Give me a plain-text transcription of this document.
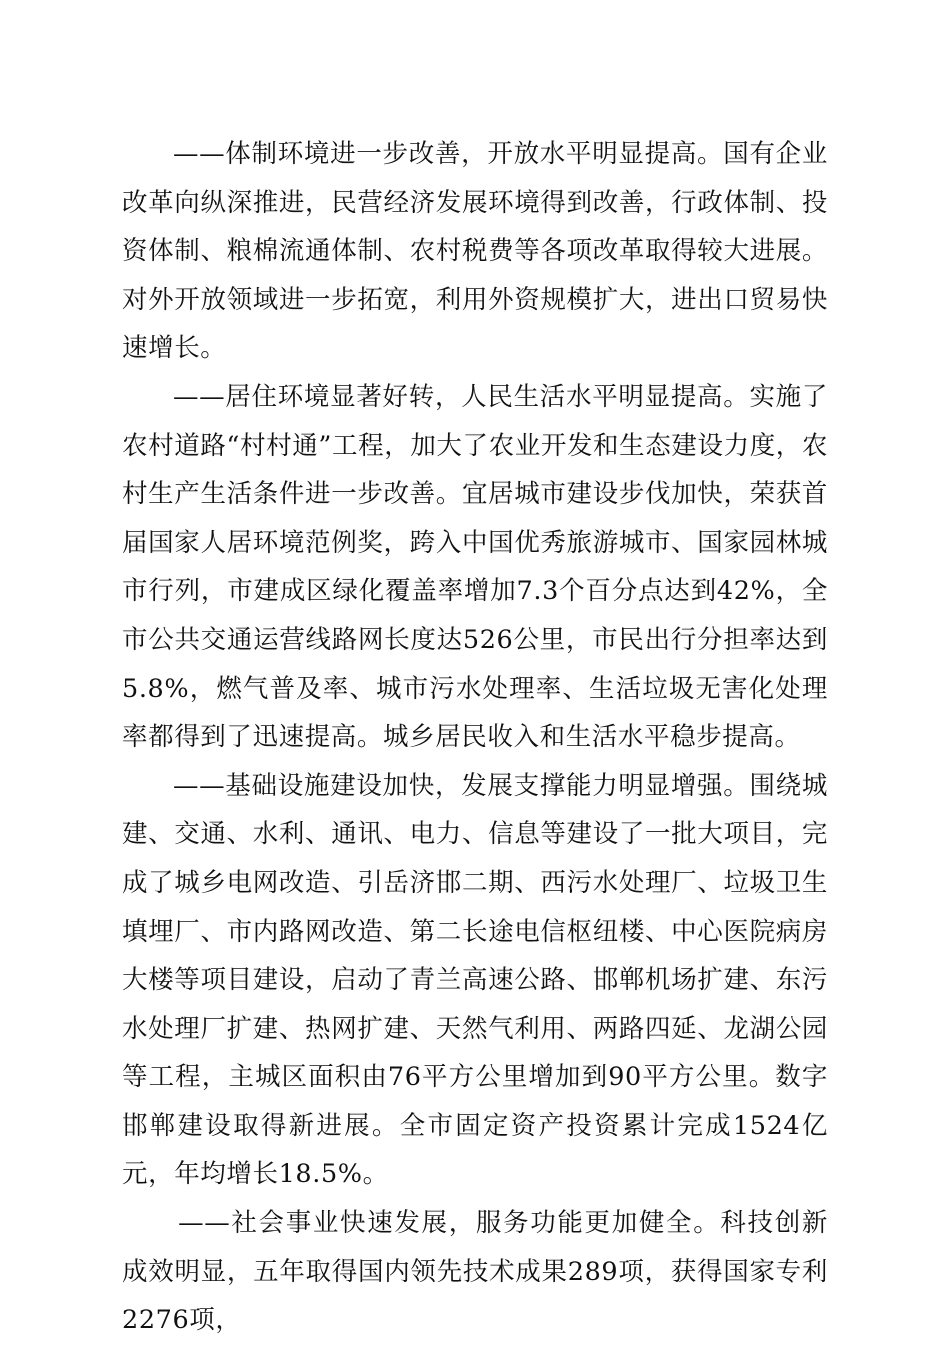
——体制环境进一步改善，开放水平明显提高。国有企业改革向纵深推进，民营经济发展环境得到改善，行政体制、投资体制、粮棉流通体制、农村税费等各项改革取得较大进展。对外开放领域进一步拓宽，利用外资规模扩大，进出口贸易快速增长。

——居住环境显著好转，人民生活水平明显提高。实施了农村道路“村村通”工程，加大了农业开发和生态建设力度，农村生产生活条件进一步改善。宜居城市建设步伐加快，荣获首届国家人居环境范例奖，跨入中国优秀旅游城市、国家园林城市行列，市建成区绿化覆盖率增加7.3个百分点达到42%，全市公共交通运营线路网长度达526公里，市民出行分担率达到5.8%，燃气普及率、城市污水处理率、生活垃圾无害化处理率都得到了迅速提高。城乡居民收入和生活水平稳步提高。

——基础设施建设加快，发展支撑能力明显增强。围绕城建、交通、水利、通讯、电力、信息等建设了一批大项目，完成了城乡电网改造、引岳济邯二期、西污水处理厂、垃圾卫生填埋厂、市内路网改造、第二长途电信枢纽楼、中心医院病房大楼等项目建设，启动了青兰高速公路、邯郸机场扩建、东污水处理厂扩建、热网扩建、天然气利用、两路四延、龙湖公园等工程，主城区面积由76平方公里增加到90平方公里。数字邯郸建设取得新进展。全市固定资产投资累计完成1524亿元，年均增长18.5%。

——社会事业快速发展，服务功能更加健全。科技创新成效明显，五年取得国内领先技术成果289项，获得国家专利2276项，
